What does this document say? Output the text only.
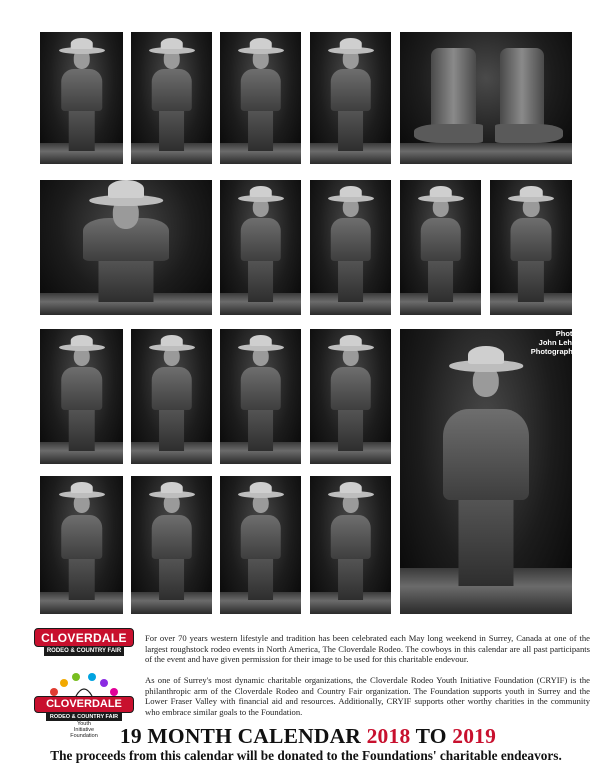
Photos by
John Lehmann
Photography Inc.
CLOVERDALE
RODEO & COUNTRY FAIR
For over 70 years western lifestyle and tradition has been celebrated each May long weekend in Surrey, Canada at one of the largest roughstock rodeo events in North America, The Cloverdale Rodeo. The cowboys in this calendar are all past participants of the event and have given permission for their image to be used for this charitable endevour.
CLOVERDALE
RODEO & COUNTRY FAIR
Youth
Initiative
Foundation
As one of Surrey's most dynamic charitable organizations, the Cloverdale Rodeo Youth Initiative Foundation (CRYIF) is the philanthropic arm of the Cloverdale Rodeo and Country Fair organization. The Foundation supports youth in Surrey and the Lower Fraser Valley with financial aid and resources. Additionally, CRYIF supports other worthy charities in the community who embrace similar goals to the Foundation.
19 MONTH CALENDAR 2018 TO 2019
The proceeds from this calendar will be donated to the Foundations' charitable endeavors.
